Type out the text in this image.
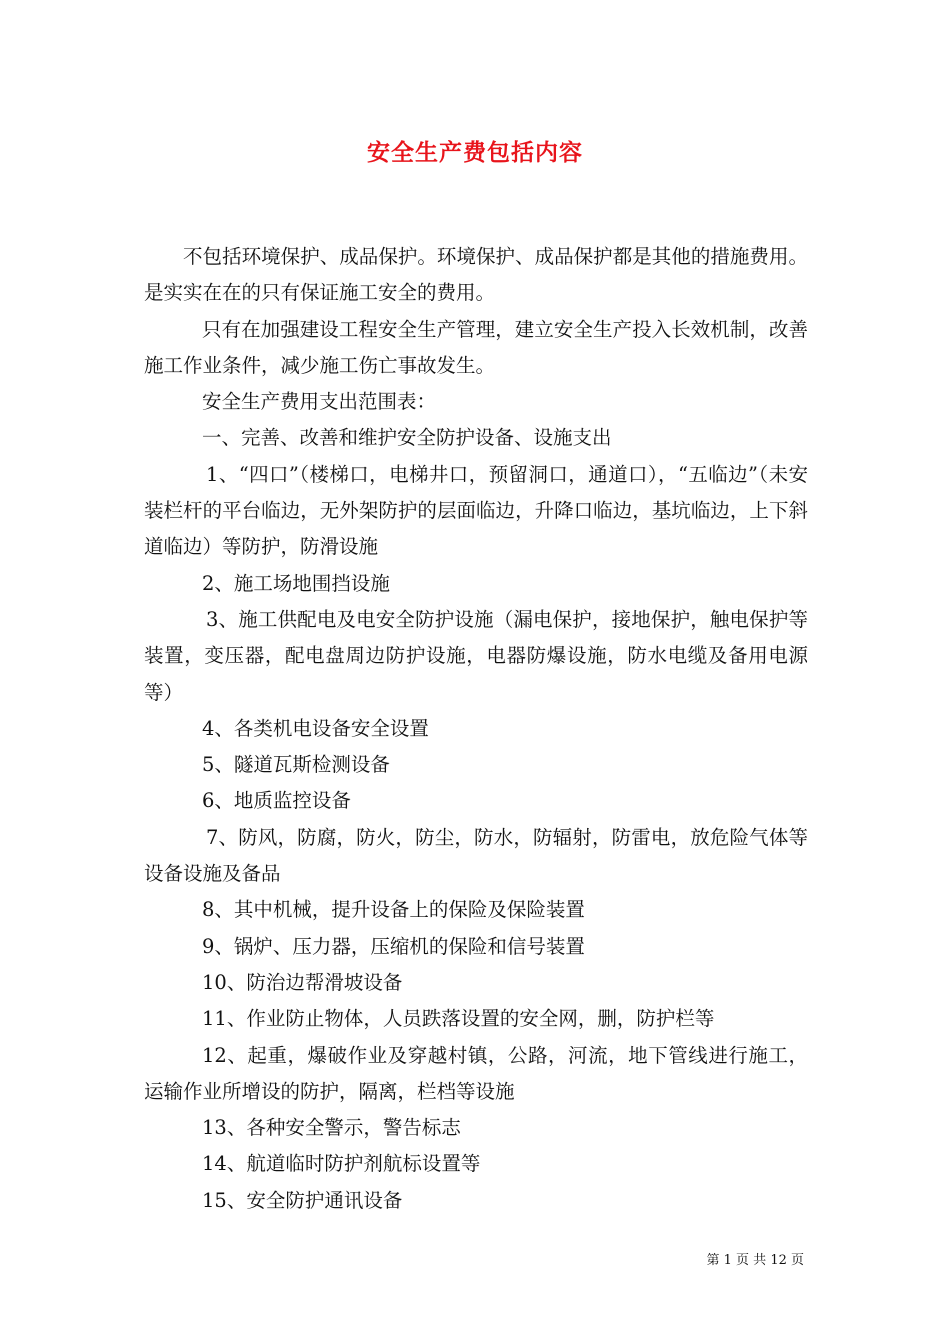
安全生产费包括内容

不包括环境保护、成品保护。环境保护、成品保护都是其他的措施费用。是实实在在的只有保证施工安全的费用。

只有在加强建设工程安全生产管理，建立安全生产投入长效机制，改善施工作业条件，减少施工伤亡事故发生。

安全生产费用支出范围表：

一、完善、改善和维护安全防护设备、设施支出

1、“四口”（楼梯口，电梯井口，预留洞口，通道口），“五临边”（未安装栏杆的平台临边，无外架防护的层面临边，升降口临边，基坑临边，上下斜道临边）等防护，防滑设施

2、施工场地围挡设施

3、施工供配电及电安全防护设施（漏电保护，接地保护，触电保护等装置，变压器，配电盘周边防护设施，电器防爆设施，防水电缆及备用电源等）

4、各类机电设备安全设置

5、隧道瓦斯检测设备

6、地质监控设备

7、防风，防腐，防火，防尘，防水，防辐射，防雷电，放危险气体等设备设施及备品

8、其中机械，提升设备上的保险及保险装置

9、锅炉、压力器，压缩机的保险和信号装置

10、防治边帮滑坡设备

11、作业防止物体，人员跌落设置的安全网，删，防护栏等

12、起重，爆破作业及穿越村镇，公路，河流，地下管线进行施工，运输作业所增设的防护，隔离，栏档等设施

13、各种安全警示，警告标志

14、航道临时防护剂航标设置等

15、安全防护通讯设备

第 1 页 共 12 页
